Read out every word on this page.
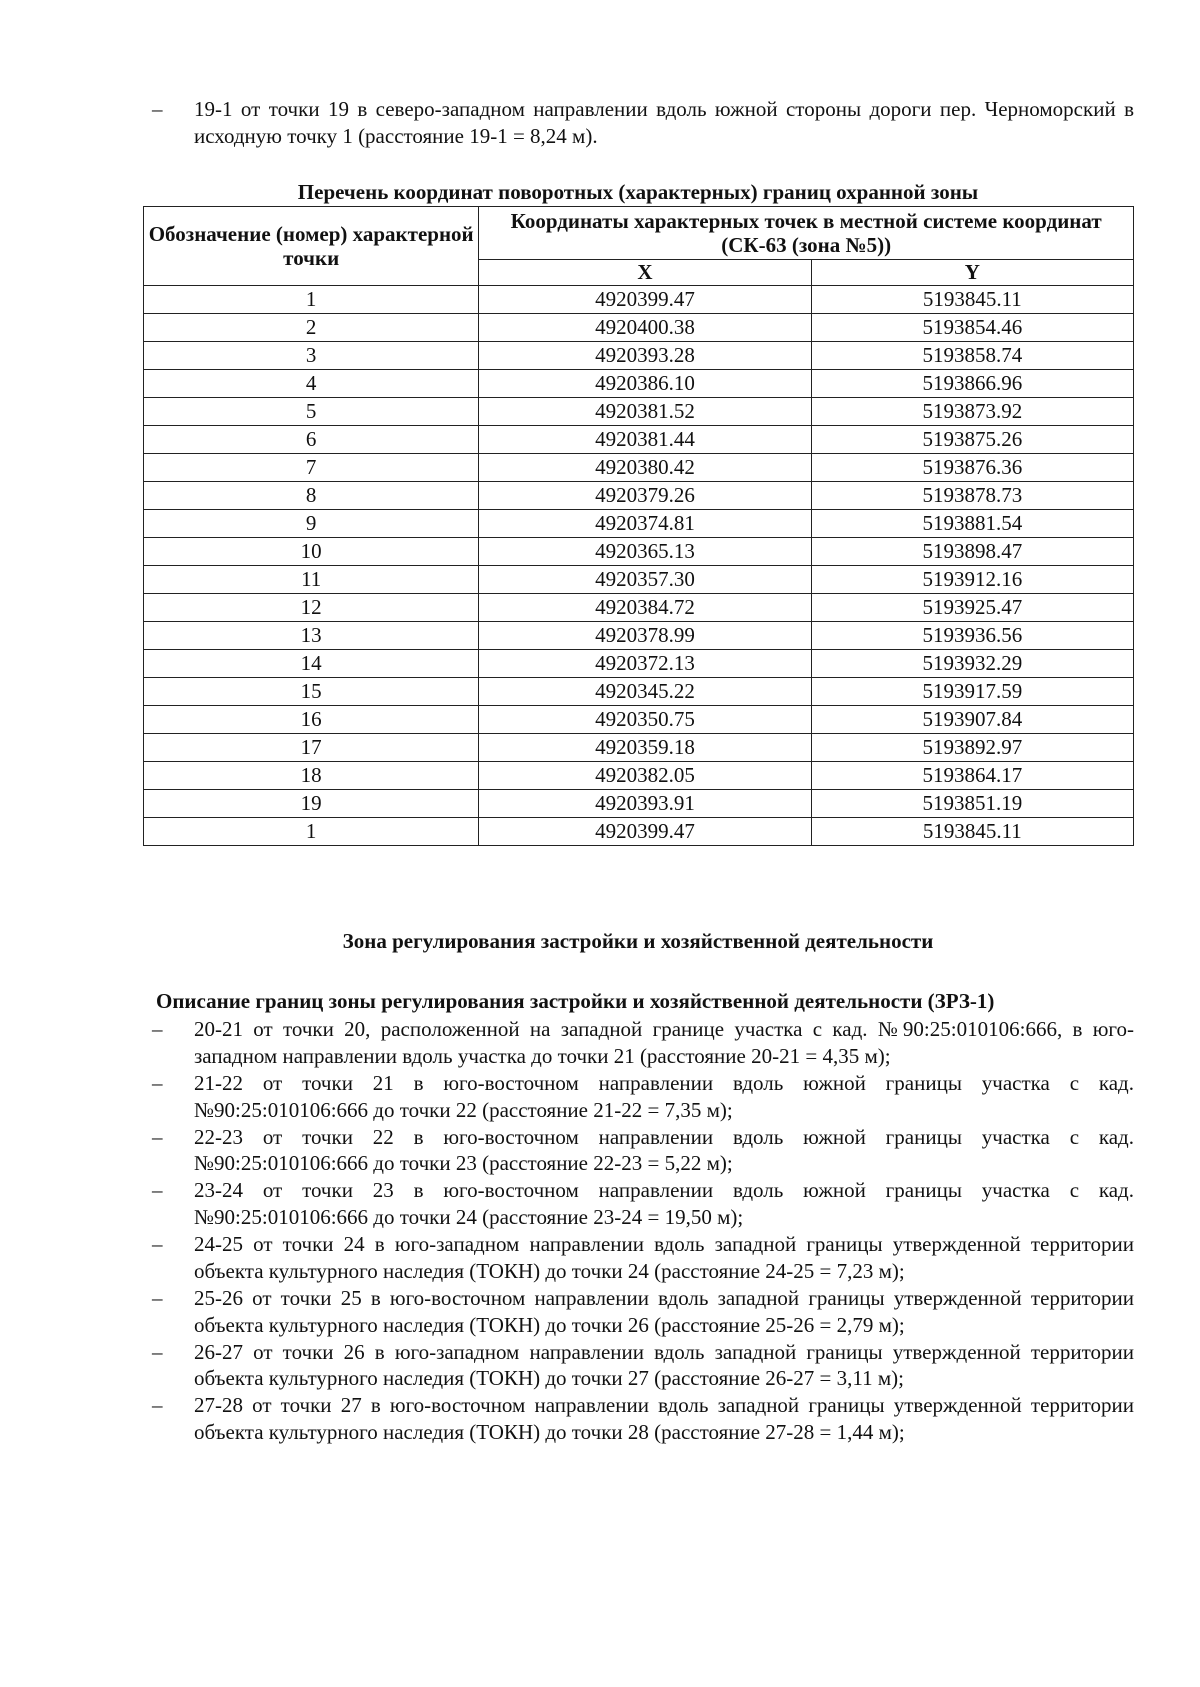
– 19-1 от точки 19 в северо-западном направлении вдоль южной стороны дороги пер. Черноморский в исходную точку 1 (расстояние 19-1 = 8,24 м).
Перечень координат поворотных (характерных) границ охранной зоны
Обозначение (номер) характерной точки	Координаты характерных точек в местной системе координат (СК-63 (зона №5))	
	X	Y
1	4920399.47	5193845.11
2	4920400.38	5193854.46
3	4920393.28	5193858.74
4	4920386.10	5193866.96
5	4920381.52	5193873.92
6	4920381.44	5193875.26
7	4920380.42	5193876.36
8	4920379.26	5193878.73
9	4920374.81	5193881.54
10	4920365.13	5193898.47
11	4920357.30	5193912.16
12	4920384.72	5193925.47
13	4920378.99	5193936.56
14	4920372.13	5193932.29
15	4920345.22	5193917.59
16	4920350.75	5193907.84
17	4920359.18	5193892.97
18	4920382.05	5193864.17
19	4920393.91	5193851.19
1	4920399.47	5193845.11
Зона регулирования застройки и хозяйственной деятельности
Описание границ зоны регулирования застройки и хозяйственной деятельности (ЗРЗ-1)
– 20-21 от точки 20, расположенной на западной границе участка с кад. №90:25:010106:666, в юго-западном направлении вдоль участка до точки 21 (расстояние 20-21 = 4,35 м);
– 21-22 от точки 21 в юго-восточном направлении вдоль южной границы участка с кад. №90:25:010106:666 до точки 22 (расстояние 21-22 = 7,35 м);
– 22-23 от точки 22 в юго-восточном направлении вдоль южной границы участка с кад. №90:25:010106:666 до точки 23 (расстояние 22-23 = 5,22 м);
– 23-24 от точки 23 в юго-восточном направлении вдоль южной границы участка с кад. №90:25:010106:666 до точки 24 (расстояние 23-24 = 19,50 м);
– 24-25 от точки 24 в юго-западном направлении вдоль западной границы утвержденной территории объекта культурного наследия (ТОКН) до точки 24 (расстояние 24-25 = 7,23 м);
– 25-26 от точки 25 в юго-восточном направлении вдоль западной границы утвержденной территории объекта культурного наследия (ТОКН) до точки 26 (расстояние 25-26 = 2,79 м);
– 26-27 от точки 26 в юго-западном направлении вдоль западной границы утвержденной территории объекта культурного наследия (ТОКН) до точки 27 (расстояние 26-27 = 3,11 м);
– 27-28 от точки 27 в юго-восточном направлении вдоль западной границы утвержденной территории объекта культурного наследия (ТОКН) до точки 28 (расстояние 27-28 = 1,44 м);
